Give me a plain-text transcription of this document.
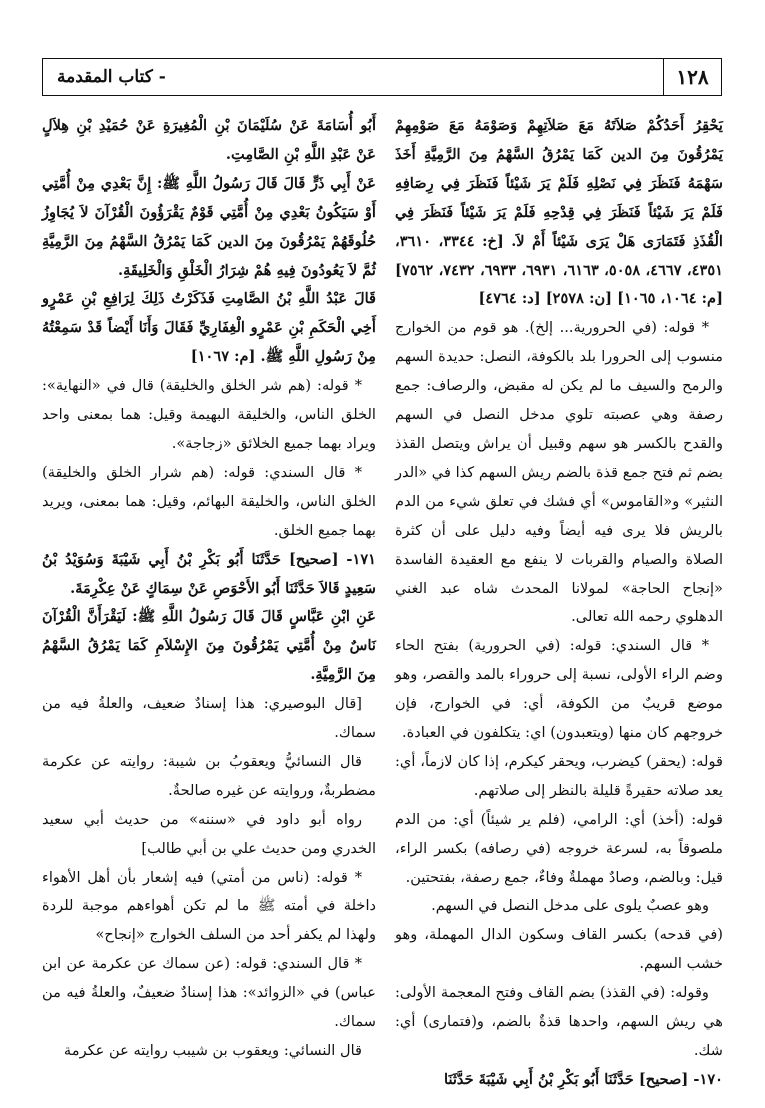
١٢٨
- كتاب المقدمة

يَحْقِرُ أَحَدُكُمْ صَلاَتَهُ مَعَ صَلاَتِهِمْ وَصَوْمَهُ مَعَ صَوْمِهِمْ يَمْرُقُونَ مِنَ الدين كَمَا يَمْرُقُ السَّهْمُ مِنَ الرَّمِيَّةِ أَخَذَ سَهْمَهُ فَنَظَرَ فِي نَصْلِهِ فَلَمْ يَرَ شَيْئاً فَنَظَرَ فِي رِصَافِهِ فَلَمْ يَرَ شَيْئاً فَنَظَرَ فِي قِدْحِهِ فَلَمْ يَرَ شَيْئاً فَنَظَرَ فِي الْقُذَذِ فَتَمَارَى هَلْ يَرَى شَيْئاً أَمْ لاَ. [خ: ٣٣٤٤، ٣٦١٠، ٤٣٥١، ٤٦٦٧، ٥٠٥٨، ٦١٦٣، ٦٩٣١، ٦٩٣٣، ٧٤٣٢، ٧٥٦٢] [م: ١٠٦٤، ١٠٦٥] [ن: ٢٥٧٨] [د: ٤٧٦٤]

* قوله: (في الحرورية... إلخ). هو قوم من الخوارج منسوب إلى الحرورا بلد بالكوفة، النصل: حديدة السهم والرمح والسيف ما لم يكن له مقبض، والرصاف: جمع رصفة وهي عصبته تلوي مدخل النصل في السهم والقدح بالكسر هو سهم وقبيل أن يراش ويتصل القذذ بضم ثم فتح جمع قذة بالضم ريش السهم كذا في «الدر النثير» و«القاموس» أي فشك في تعلق شيء من الدم بالريش فلا يرى فيه أيضاً وفيه دليل على أن كثرة الصلاة والصيام والقربات لا ينفع مع العقيدة الفاسدة «إنجاح الحاجة» لمولانا المحدث شاه عبد الغني الدهلوي رحمه الله تعالى.

* قال السندي: قوله: (في الحرورية) بفتح الحاء وضم الراء الأولى، نسبة إلى حروراء بالمد والقصر، وهو موضع قريبٌ من الكوفة، أي: في الخوارج، فإن خروجهم كان منها (ويتعبدون) اي: يتكلفون في العبادة.

قوله: (يحقر) كيضرب، ويحقر كيكرم، إذا كان لازماً، أي: يعد صلاته حقيرةً قليلة بالنظر إلى صلاتهم.

قوله: (أخذ) أي: الرامي، (فلم ير شيئاً) أي: من الدم ملصوقاً به، لسرعة خروجه (في رصافه) بكسر الراء، قيل: وبالضم، وصادٌ مهملةٌ وفاءٌ، جمع رصفة، بفتحتين.

وهو عصبٌ يلوى على مدخل النصل في السهم.

(في قدحه) بكسر القاف وسكون الدال المهملة، وهو خشب السهم.

وقوله: (في القذذ) بضم القاف وفتح المعجمة الأولى: هي ريش السهم، واحدها قذةٌ بالضم، و(فتمارى) أي: شك.

١٧٠- [صحيح] حَدَّثَنَا أَبُو بَكْرِ بْنُ أَبِي شَيْبَةَ حَدَّثَنَا

أَبُو أُسَامَةَ عَنْ سُلَيْمَانَ بْنِ الْمُغِيرَةِ عَنْ حُمَيْدِ بْنِ هِلاَلٍ عَنْ عَبْدِ اللَّهِ بْنِ الصَّامِتِ.

عَنْ أَبِي ذَرٍّ قَالَ قَالَ رَسُولُ اللَّهِ ﷺ: إِنَّ بَعْدِي مِنْ أُمَّتِي أَوْ سَيَكُونُ بَعْدِي مِنْ أُمَّتِي قَوْمٌ يَقْرَؤُونَ الْقُرْآنَ لاَ يُجَاوِزُ حُلُوقَهُمْ يَمْرُقُونَ مِنَ الدين كَمَا يَمْرُقُ السَّهْمُ مِنَ الرَّمِيَّةِ ثُمَّ لاَ يَعُودُونَ فِيهِ هُمْ شِرَارُ الْخَلْقِ وَالْخَلِيقَةِ.

قَالَ عَبْدُ اللَّهِ بْنُ الصَّامِتِ فَذَكَرْتُ ذَلِكَ لِرَافِعِ بْنِ عَمْرٍو أَخِي الْحَكَمِ بْنِ عَمْرٍو الْغِفَارِيِّ فَقَالَ وَأَنَا أَيْضاً قَدْ سَمِعْتُهُ مِنْ رَسُولِ اللَّهِ ﷺ. [م: ١٠٦٧]

* قوله: (هم شر الخلق والخليقة) قال في «النهاية»: الخلق الناس، والخليقة البهيمة وقيل: هما بمعنى واحد ويراد بهما جميع الخلائق «زجاجة».

* قال السندي: قوله: (هم شرار الخلق والخليقة) الخلق الناس، والخليقة البهائم، وقيل: هما بمعنى، ويريد بهما جميع الخلق.

١٧١- [صحيح] حَدَّثَنَا أَبُو بَكْرِ بْنُ أَبِي شَيْبَةَ وَسُوَيْدُ بْنُ سَعِيدٍ قَالاَ حَدَّثَنَا أَبُو الأَحْوَصِ عَنْ سِمَاكٍ عَنْ عِكْرِمَةَ.

عَنِ ابْنِ عَبَّاسٍ قَالَ قَالَ رَسُولُ اللَّهِ ﷺ: لَيَقْرَأَنَّ الْقُرْآنَ نَاسٌ مِنْ أُمَّتِي يَمْرُقُونَ مِنَ الإِسْلاَمِ كَمَا يَمْرُقُ السَّهْمُ مِنَ الرَّمِيَّةِ.

[قال البوصيري: هذا إسنادٌ ضعيف، والعلةُ فيه من سماك.

قال النسائيُّ ويعقوبُ بن شيبة: روايته عن عكرمة مضطربةٌ، وروايته عن غيره صالحةٌ.

رواه أبو داود في «سننه» من حديث أبي سعيد الخدري ومن حديث علي بن أبي طالب]

* قوله: (ناس من أمتي) فيه إشعار بأن أهل الأهواء داخلة في أمته ﷺ ما لم تكن أهواءهم موجبة للردة ولهذا لم يكفر أحد من السلف الخوارج «إنجاح»

* قال السندي: قوله: (عن سماك عن عكرمة عن ابن عباس) في «الزوائد»: هذا إسنادٌ ضعيفٌ، والعلةُ فيه من سماك.

قال النسائي: ويعقوب بن شيبب روايته عن عكرمة
